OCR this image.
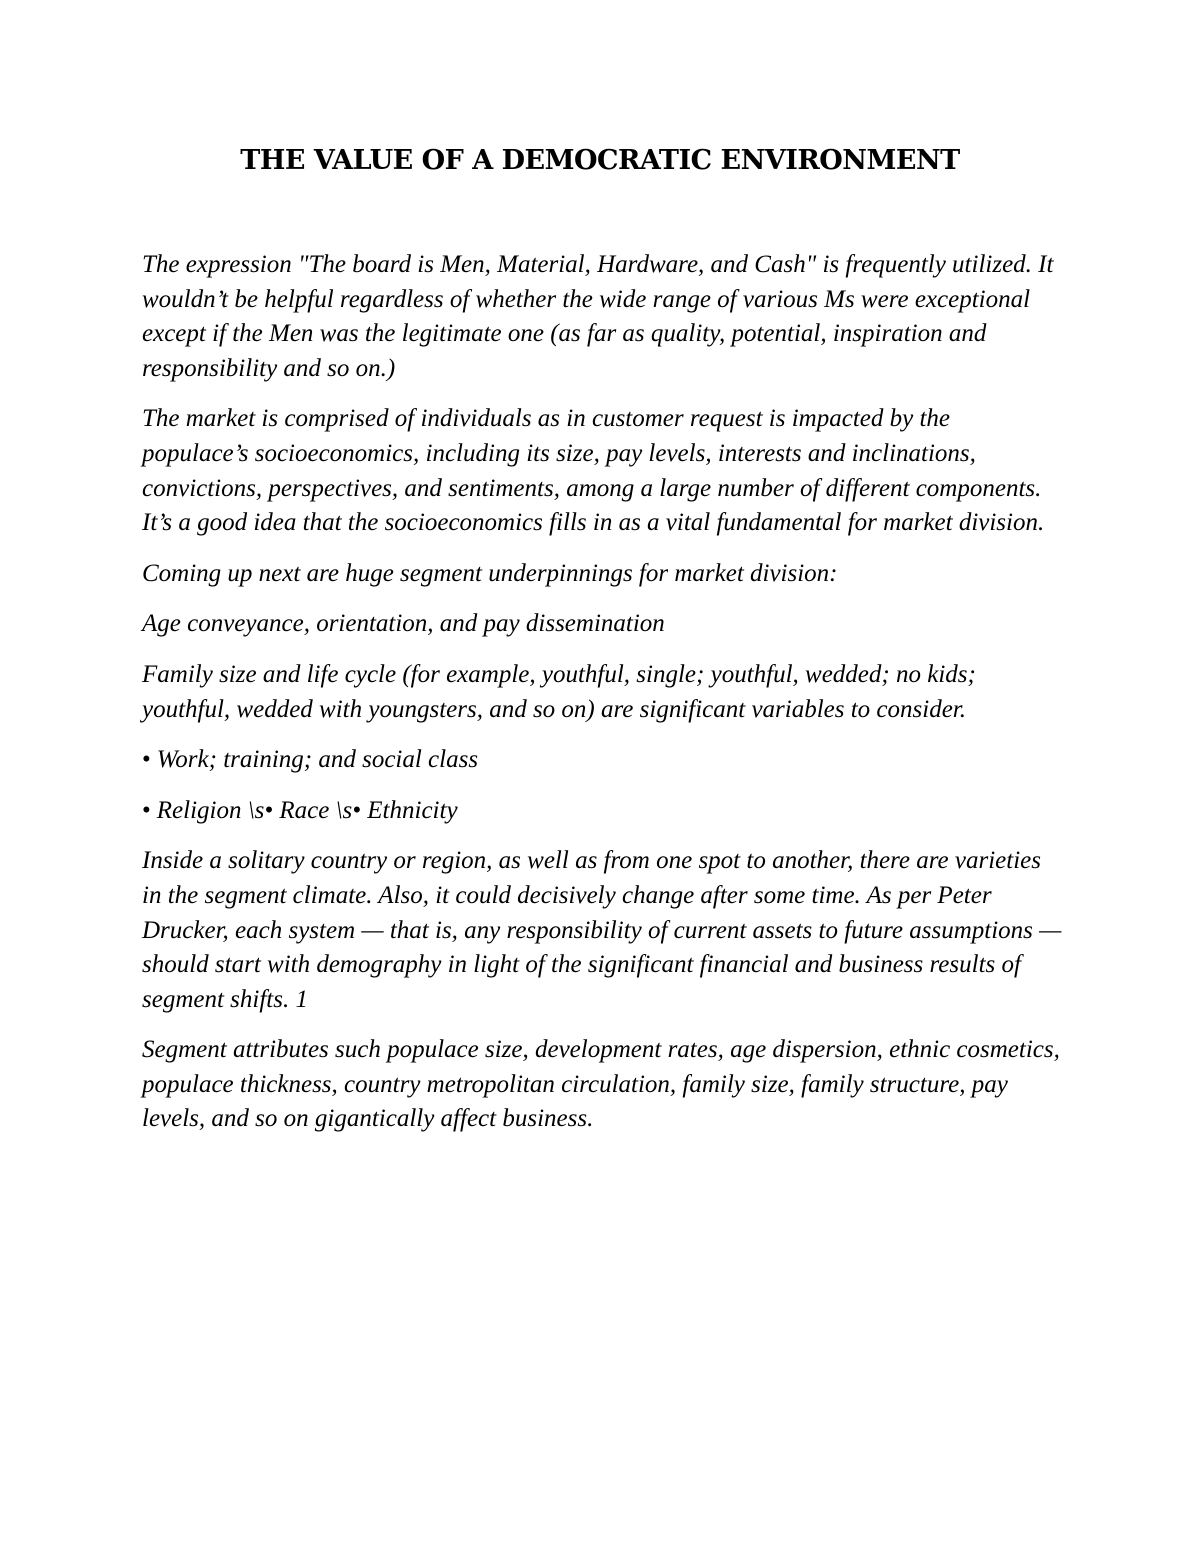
THE VALUE OF A DEMOCRATIC ENVIRONMENT

The expression "The board is Men, Material, Hardware, and Cash" is frequently utilized. It wouldn’t be helpful regardless of whether the wide range of various Ms were exceptional except if the Men was the legitimate one (as far as quality, potential, inspiration and responsibility and so on.)

The market is comprised of individuals as in customer request is impacted by the populace’s socioeconomics, including its size, pay levels, interests and inclinations, convictions, perspectives, and sentiments, among a large number of different components. It’s a good idea that the socioeconomics fills in as a vital fundamental for market division.

Coming up next are huge segment underpinnings for market division:

Age conveyance, orientation, and pay dissemination

Family size and life cycle (for example, youthful, single; youthful, wedded; no kids; youthful, wedded with youngsters, and so on) are significant variables to consider.

• Work; training; and social class

• Religion \s• Race \s• Ethnicity

Inside a solitary country or region, as well as from one spot to another, there are varieties in the segment climate. Also, it could decisively change after some time. As per Peter Drucker, each system — that is, any responsibility of current assets to future assumptions — should start with demography in light of the significant financial and business results of segment shifts. 1

Segment attributes such populace size, development rates, age dispersion, ethnic cosmetics, populace thickness, country metropolitan circulation, family size, family structure, pay levels, and so on gigantically affect business.
